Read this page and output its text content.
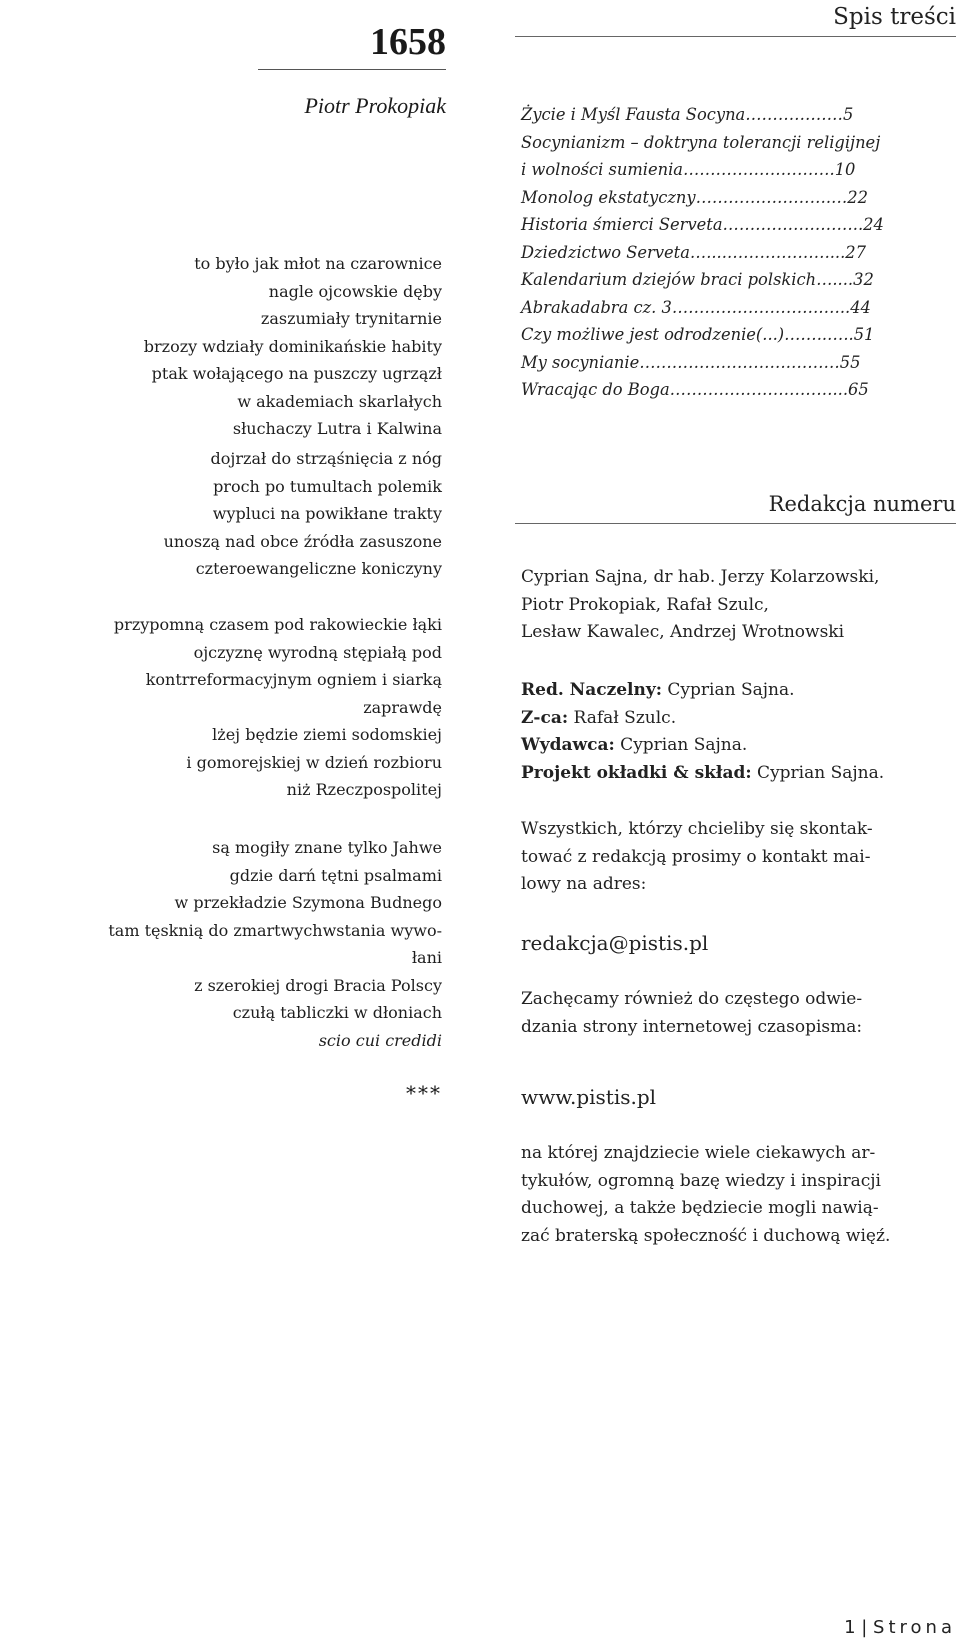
1658
Piotr Prokopiak
to było jak młot na czarownice
nagle ojcowskie dęby
zaszumiały trynitarnie
brzozy wdziały dominikańskie habity
ptak wołającego na puszczy ugrzązł
w akademiach skarlałych
słuchaczy Lutra i Kalwina
dojrzał do strząśnięcia z nóg
proch po tumultach polemik
wypluci na powikłane trakty
unoszą nad obce źródła zasuszone
czteroewangeliczne koniczyny
przypomną czasem pod rakowieckie łąki
ojczyznę wyrodną stępiałą pod
kontrreformacyjnym ogniem i siarką
zaprawdę
lżej będzie ziemi sodomskiej
i gomorejskiej w dzień rozbioru
niż Rzeczpospolitej
są mogiły znane tylko Jahwe
gdzie darń tętni psalmami
w przekładzie Szymona Budnego
tam tęsknią do zmartwychwstania wywo-
łani
z szerokiej drogi Bracia Polscy
czułą tabliczki w dłoniach
scio cui credidi
***
Spis treści
Życie i Myśl Fausta Socyna………………5
Socynianizm – doktryna tolerancji religijnej
i wolności sumienia……………………….10
Monolog ekstatyczny…………………….…22
Historia śmierci Serveta……………………..24
Dziedzictwo Serveta…....………………....27
Kalendarium dziejów braci polskich…....32
Abrakadabra cz. 3……………………….…..44
Czy możliwe jest odrodzenie(...)……..…..51
My socynianie……………………….………55
Wracając do Boga…………………………...65
Redakcja numeru
Cyprian Sajna, dr hab. Jerzy Kolarzowski,
Piotr Prokopiak, Rafał Szulc,
Lesław Kawalec, Andrzej Wrotnowski
Red. Naczelny: Cyprian Sajna.
Z-ca: Rafał Szulc.
Wydawca: Cyprian Sajna.
Projekt okładki & skład: Cyprian Sajna.
Wszystkich, którzy chcieliby się skontak-
tować z redakcją prosimy o kontakt mai-
lowy na adres:
redakcja@pistis.pl
Zachęcamy również do częstego odwie-
dzania strony internetowej czasopisma:
www.pistis.pl
na której znajdziecie wiele ciekawych ar-
tykułów, ogromną bazę wiedzy i inspiracji
duchowej, a także będziecie mogli nawią-
zać braterską społeczność i duchową więź.
1 | Strona
